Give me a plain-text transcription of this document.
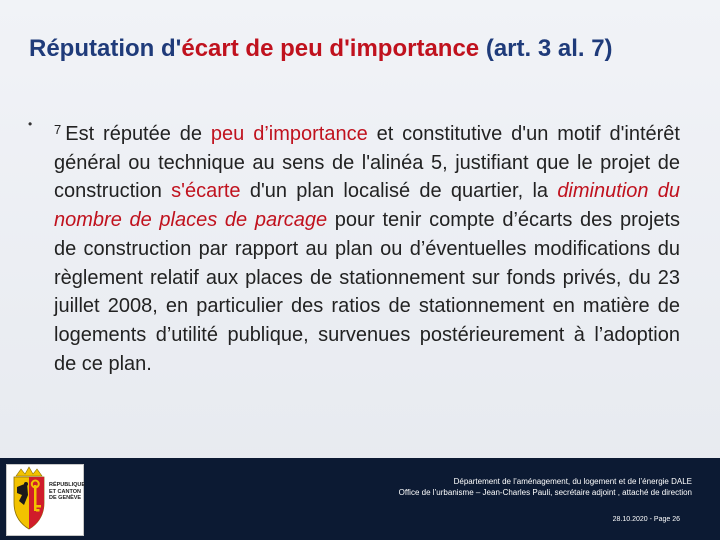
Réputation d'écart de peu d'importance (art. 3 al. 7)
• $^7$ Est réputée de peu d’importance et constitutive d'un motif d'intérêt général ou technique au sens de l'alinéa 5, justifiant que le projet de construction s'écarte d'un plan localisé de quartier, la diminution du nombre de places de parcage pour tenir compte d’écarts des projets de construction par rapport au plan ou d’éventuelles modifications du règlement relatif aux places de stationnement sur fonds privés, du 23 juillet 2008, en particulier des ratios de stationnement en matière de logements d’utilité publique, survenues postérieurement à l’adoption de ce plan.

RÉPUBLIQUE
ET CANTON
DE GENÈVE
Département de l’aménagement, du logement et de l’énergie DALE
Office de l’urbanisme – Jean-Charles Pauli, secrétaire adjoint , attaché de direction
28.10.2020 - Page 26
